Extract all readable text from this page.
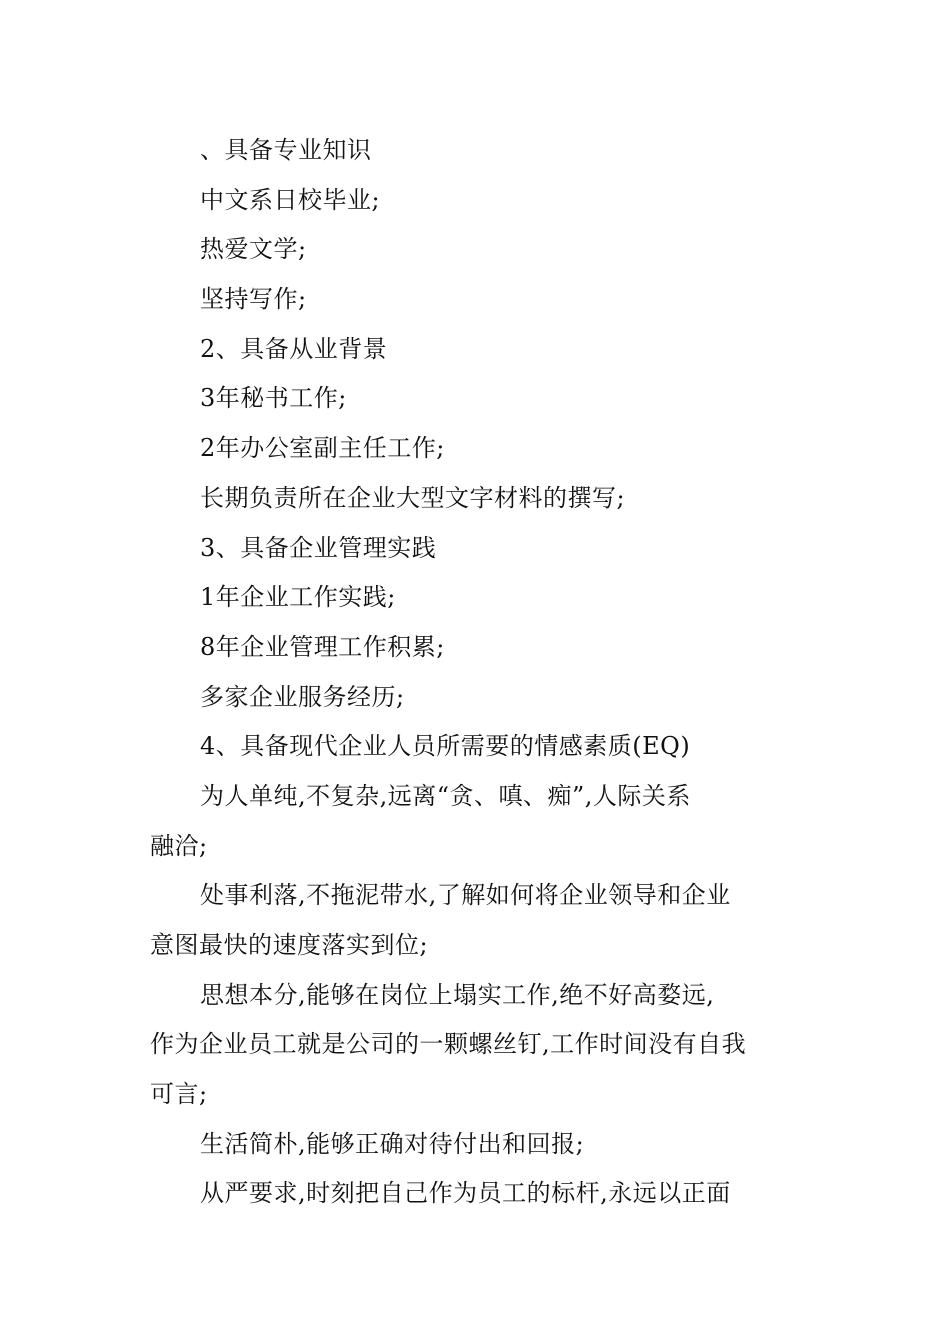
、具备专业知识
中文系日校毕业;
热爱文学;
坚持写作;
2、具备从业背景
3年秘书工作;
2年办公室副主任工作;
长期负责所在企业大型文字材料的撰写;
3、具备企业管理实践
1年企业工作实践;
8年企业管理工作积累;
多家企业服务经历;
4、具备现代企业人员所需要的情感素质(EQ)
为人单纯,不复杂,远离“贪、嗔、痴”,人际关系
融洽;
处事利落,不拖泥带水,了解如何将企业领导和企业
意图最快的速度落实到位;
思想本分,能够在岗位上塌实工作,绝不好高婺远,
作为企业员工就是公司的一颗螺丝钉,工作时间没有自我
可言;
生活简朴,能够正确对待付出和回报;
从严要求,时刻把自己作为员工的标杆,永远以正面
